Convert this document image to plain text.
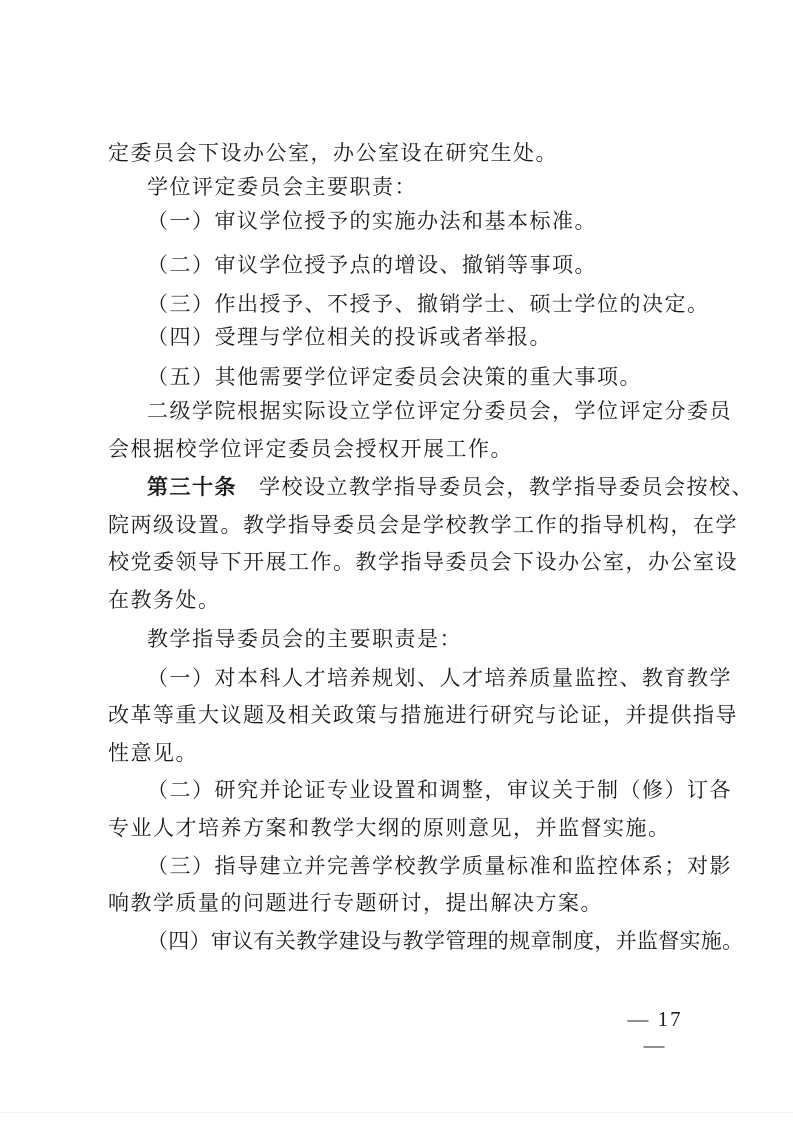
定委员会下设办公室，办公室设在研究生处。
学位评定委员会主要职责：
（一）审议学位授予的实施办法和基本标准。
（二）审议学位授予点的增设、撤销等事项。
（三）作出授予、不授予、撤销学士、硕士学位的决定。
（四）受理与学位相关的投诉或者举报。
（五）其他需要学位评定委员会决策的重大事项。
二级学院根据实际设立学位评定分委员会，学位评定分委员
会根据校学位评定委员会授权开展工作。
第三十条 学校设立教学指导委员会，教学指导委员会按校、
院两级设置。教学指导委员会是学校教学工作的指导机构，在学
校党委领导下开展工作。教学指导委员会下设办公室，办公室设
在教务处。
教学指导委员会的主要职责是：
（一）对本科人才培养规划、人才培养质量监控、教育教学
改革等重大议题及相关政策与措施进行研究与论证，并提供指导
性意见。
（二）研究并论证专业设置和调整，审议关于制（修）订各
专业人才培养方案和教学大纲的原则意见，并监督实施。
（三）指导建立并完善学校教学质量标准和监控体系；对影
响教学质量的问题进行专题研讨，提出解决方案。
（四）审议有关教学建设与教学管理的规章制度，并监督实施。
— 17 —
